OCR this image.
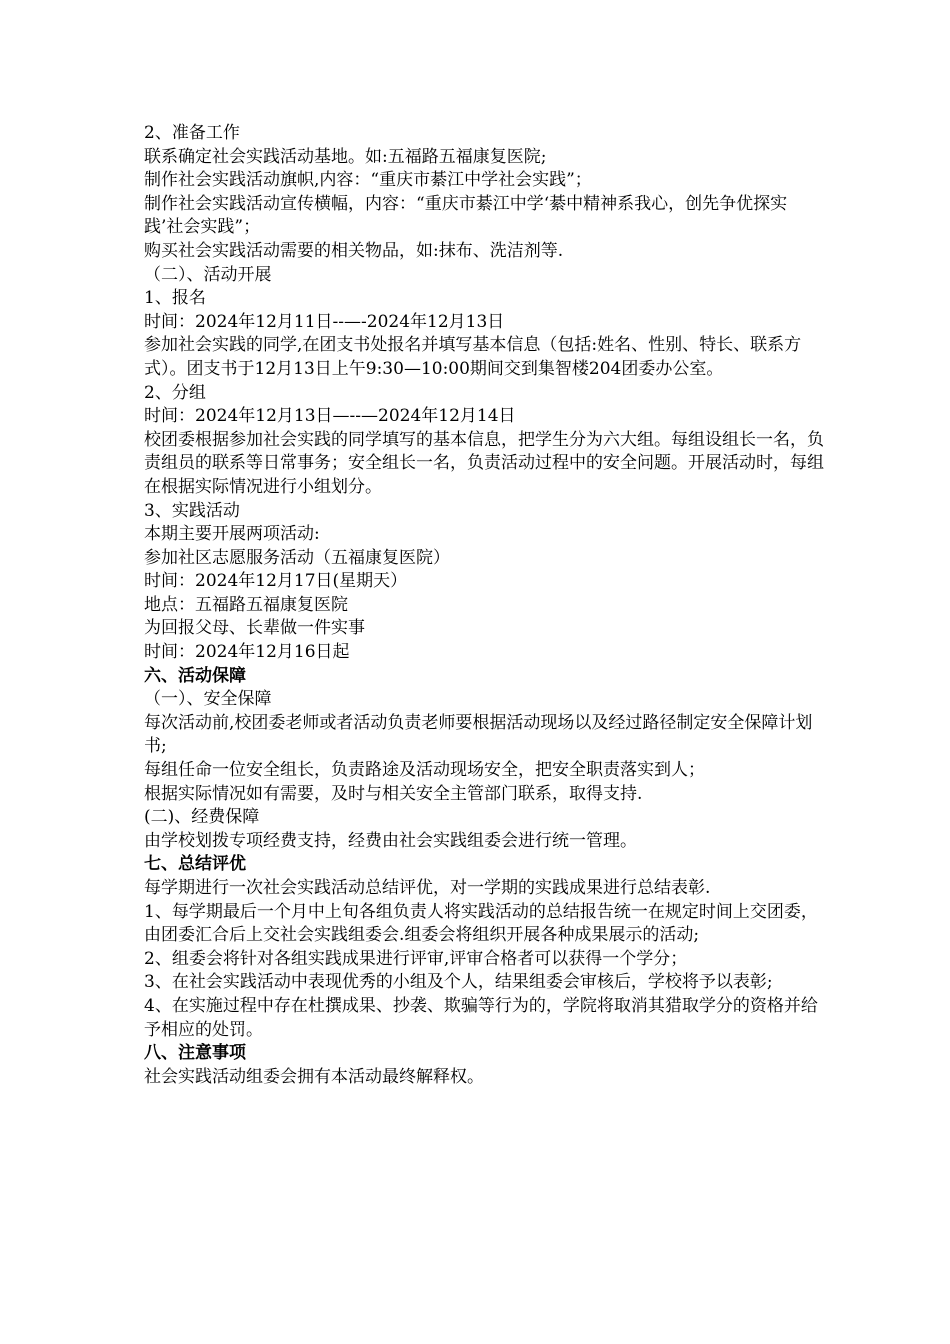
2、准备工作

联系确定社会实践活动基地。如:五福路五福康复医院;

制作社会实践活动旗帜,内容：“重庆市綦江中学社会实践”；

制作社会实践活动宣传横幅，内容：“重庆市綦江中学‘綦中精神系我心，创先争优探实践’社会实践”；

购买社会实践活动需要的相关物品，如:抹布、洗洁剂等.

（二）、活动开展

1、报名

时间：2024年12月11日--—-2024年12月13日

参加社会实践的同学,在团支书处报名并填写基本信息（包括:姓名、性别、特长、联系方式）。团支书于12月13日上午9:30—10:00期间交到集智楼204团委办公室。

2、分组

时间：2024年12月13日—--—2024年12月14日

校团委根据参加社会实践的同学填写的基本信息，把学生分为六大组。每组设组长一名，负责组员的联系等日常事务；安全组长一名，负责活动过程中的安全问题。开展活动时，每组在根据实际情况进行小组划分。

3、实践活动

本期主要开展两项活动:

参加社区志愿服务活动（五福康复医院）

时间：2024年12月17日(星期天）

地点：五福路五福康复医院

为回报父母、长辈做一件实事

时间：2024年12月16日起

六、活动保障

（一）、安全保障

每次活动前,校团委老师或者活动负责老师要根据活动现场以及经过路径制定安全保障计划书;

每组任命一位安全组长，负责路途及活动现场安全，把安全职责落实到人；

根据实际情况如有需要，及时与相关安全主管部门联系，取得支持.

(二)、经费保障

由学校划拨专项经费支持，经费由社会实践组委会进行统一管理。

七、总结评优

每学期进行一次社会实践活动总结评优，对一学期的实践成果进行总结表彰.

1、每学期最后一个月中上旬各组负责人将实践活动的总结报告统一在规定时间上交团委，由团委汇合后上交社会实践组委会.组委会将组织开展各种成果展示的活动;

2、组委会将针对各组实践成果进行评审,评审合格者可以获得一个学分；

3、在社会实践活动中表现优秀的小组及个人，结果组委会审核后，学校将予以表彰;

4、在实施过程中存在杜撰成果、抄袭、欺骗等行为的，学院将取消其猎取学分的资格并给予相应的处罚。

八、注意事项

社会实践活动组委会拥有本活动最终解释权。
